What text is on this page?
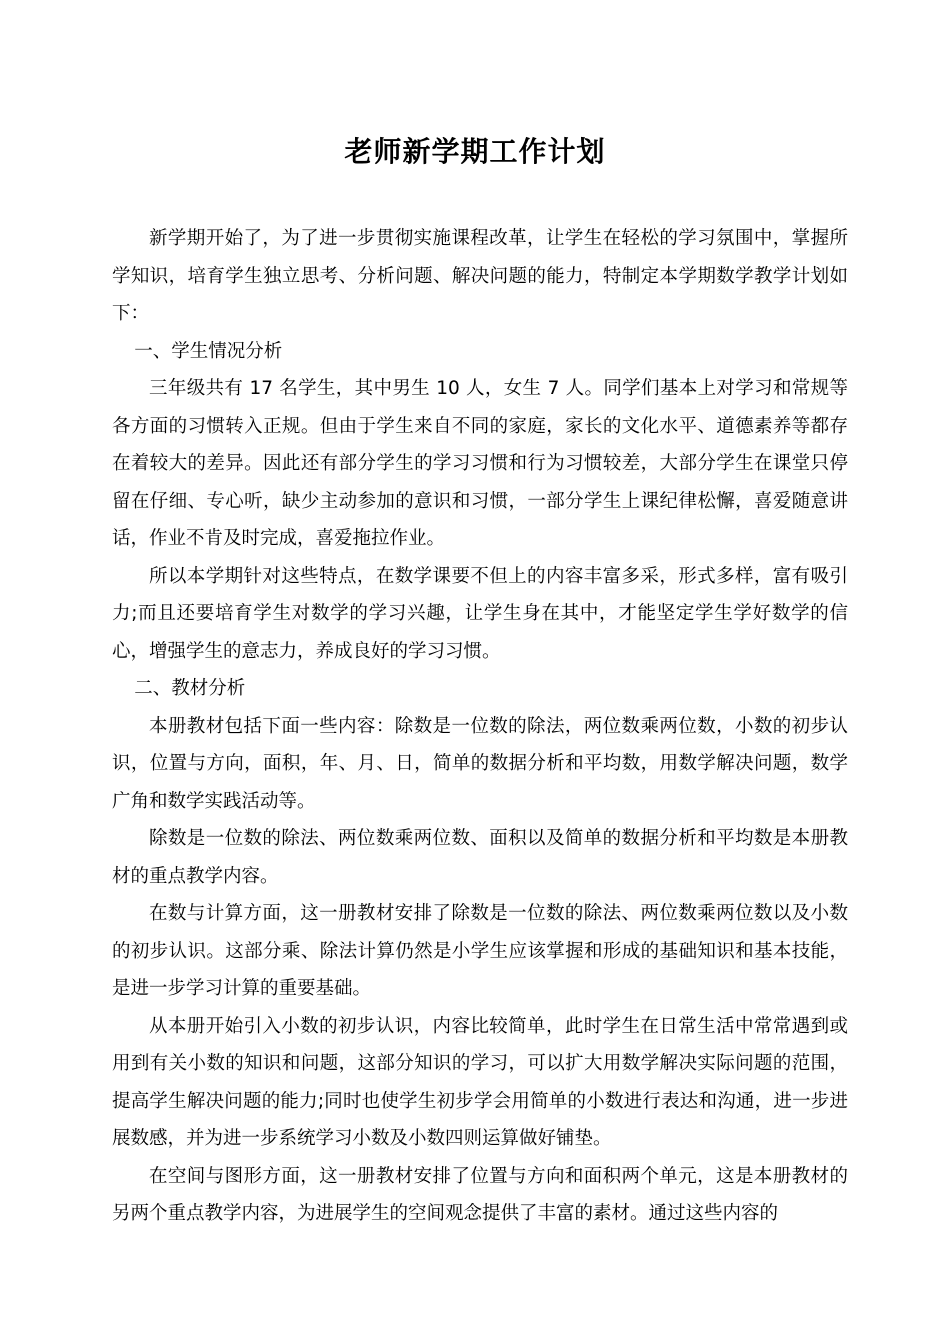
老师新学期工作计划

新学期开始了，为了进一步贯彻实施课程改革，让学生在轻松的学习氛围中，掌握所学知识，培育学生独立思考、分析问题、解决问题的能力，特制定本学期数学教学计划如下：

一、学生情况分析

三年级共有 17 名学生，其中男生 10 人，女生 7 人。同学们基本上对学习和常规等各方面的习惯转入正规。但由于学生来自不同的家庭，家长的文化水平、道德素养等都存在着较大的差异。因此还有部分学生的学习习惯和行为习惯较差，大部分学生在课堂只停留在仔细、专心听，缺少主动参加的意识和习惯，一部分学生上课纪律松懈，喜爱随意讲话，作业不肯及时完成，喜爱拖拉作业。

所以本学期针对这些特点，在数学课要不但上的内容丰富多采，形式多样，富有吸引力;而且还要培育学生对数学的学习兴趣，让学生身在其中，才能坚定学生学好数学的信心，增强学生的意志力，养成良好的学习习惯。

二、教材分析

本册教材包括下面一些内容：除数是一位数的除法，两位数乘两位数，小数的初步认识，位置与方向，面积，年、月、日，简单的数据分析和平均数，用数学解决问题，数学广角和数学实践活动等。

除数是一位数的除法、两位数乘两位数、面积以及简单的数据分析和平均数是本册教材的重点教学内容。

在数与计算方面，这一册教材安排了除数是一位数的除法、两位数乘两位数以及小数的初步认识。这部分乘、除法计算仍然是小学生应该掌握和形成的基础知识和基本技能，是进一步学习计算的重要基础。

从本册开始引入小数的初步认识，内容比较简单，此时学生在日常生活中常常遇到或用到有关小数的知识和问题，这部分知识的学习，可以扩大用数学解决实际问题的范围，提高学生解决问题的能力;同时也使学生初步学会用简单的小数进行表达和沟通，进一步进展数感，并为进一步系统学习小数及小数四则运算做好铺垫。

在空间与图形方面，这一册教材安排了位置与方向和面积两个单元，这是本册教材的另两个重点教学内容，为进展学生的空间观念提供了丰富的素材。通过这些内容的
